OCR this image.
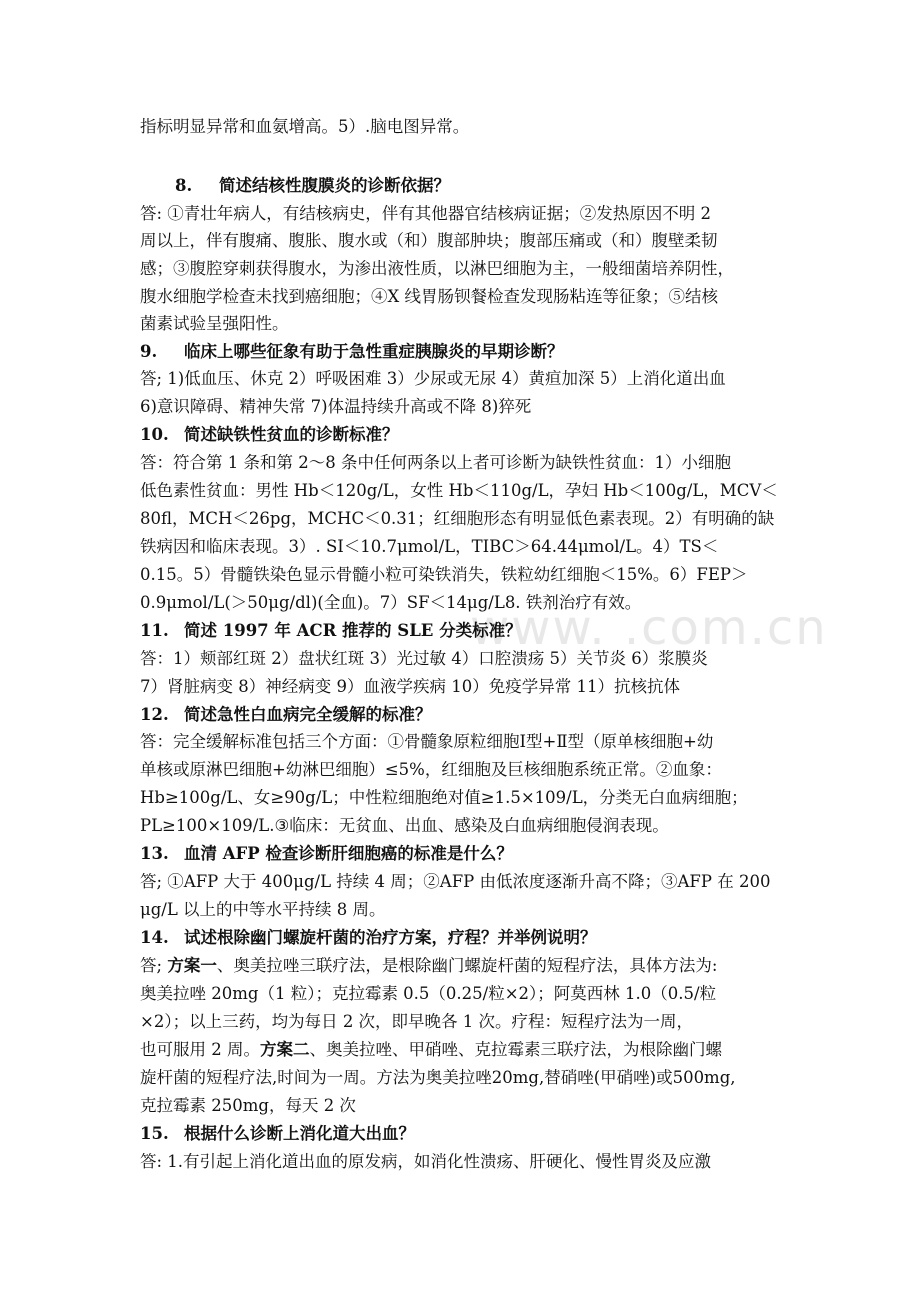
www. .com.cn
指标明显异常和血氨增高。5）.脑电图异常。
8. 简述结核性腹膜炎的诊断依据？
答: ①青壮年病人，有结核病史，伴有其他器官结核病证据；②发热原因不明 2
周以上，伴有腹痛、腹胀、腹水或（和）腹部肿块；腹部压痛或（和）腹壁柔韧
感；③腹腔穿刺获得腹水，为渗出液性质，以淋巴细胞为主，一般细菌培养阴性，
腹水细胞学检查未找到癌细胞；④X 线胃肠钡餐检查发现肠粘连等征象；⑤结核
菌素试验呈强阳性。
9. 临床上哪些征象有助于急性重症胰腺炎的早期诊断？
答; 1)低血压、休克 2）呼吸困难 3）少尿或无尿 4）黄疸加深 5）上消化道出血
6)意识障碍、精神失常 7)体温持续升高或不降 8)猝死
10. 简述缺铁性贫血的诊断标准？
答：符合第 1 条和第 2～8 条中任何两条以上者可诊断为缺铁性贫血：1）小细胞
低色素性贫血：男性 Hb＜120g/L，女性 Hb＜110g/L，孕妇 Hb＜100g/L，MCV＜
80fl，MCH＜26pg，MCHC＜0.31；红细胞形态有明显低色素表现。2）有明确的缺
铁病因和临床表现。3）. SI＜10.7μmol/L，TIBC＞64.44μmol/L。4）TS＜
0.15。5）骨髓铁染色显示骨髓小粒可染铁消失，铁粒幼红细胞＜15%。6）FEP＞
0.9μmol/L(＞50μg/dl)(全血)。7）SF＜14μg/L8. 铁剂治疗有效。
11. 简述 1997 年 ACR 推荐的 SLE 分类标准？
答：1）颊部红斑 2）盘状红斑 3）光过敏 4）口腔溃疡 5）关节炎 6）浆膜炎
7）肾脏病变 8）神经病变 9）血液学疾病 10）免疫学异常 11）抗核抗体
12. 简述急性白血病完全缓解的标准？
答：完全缓解标准包括三个方面：①骨髓象原粒细胞Ⅰ型+Ⅱ型（原单核细胞+幼
单核或原淋巴细胞+幼淋巴细胞）≤5%，红细胞及巨核细胞系统正常。②血象：
Hb≥100g/L、女≥90g/L；中性粒细胞绝对值≥1.5×109/L，分类无白血病细胞；
PL≥100×109/L.③临床：无贫血、出血、感染及白血病细胞侵润表现。
13. 血清 AFP 检查诊断肝细胞癌的标准是什么？
答; ①AFP 大于 400μg/L 持续 4 周；②AFP 由低浓度逐渐升高不降；③AFP 在 200
μg/L 以上的中等水平持续 8 周。
14. 试述根除幽门螺旋杆菌的治疗方案，疗程？并举例说明？
答; 方案一、奥美拉唑三联疗法，是根除幽门螺旋杆菌的短程疗法，具体方法为:
奥美拉唑 20mg（1 粒）；克拉霉素 0.5（0.25/粒×2）；阿莫西林 1.0（0.5/粒
×2）；以上三药，均为每日 2 次，即早晚各 1 次。疗程：短程疗法为一周，
也可服用 2 周。方案二、奥美拉唑、甲硝唑、克拉霉素三联疗法，为根除幽门螺
旋杆菌的短程疗法,时间为一周。方法为奥美拉唑20mg,替硝唑(甲硝唑)或500mg,
克拉霉素 250mg，每天 2 次
15. 根据什么诊断上消化道大出血？
答: 1.有引起上消化道出血的原发病，如消化性溃疡、肝硬化、慢性胃炎及应激
